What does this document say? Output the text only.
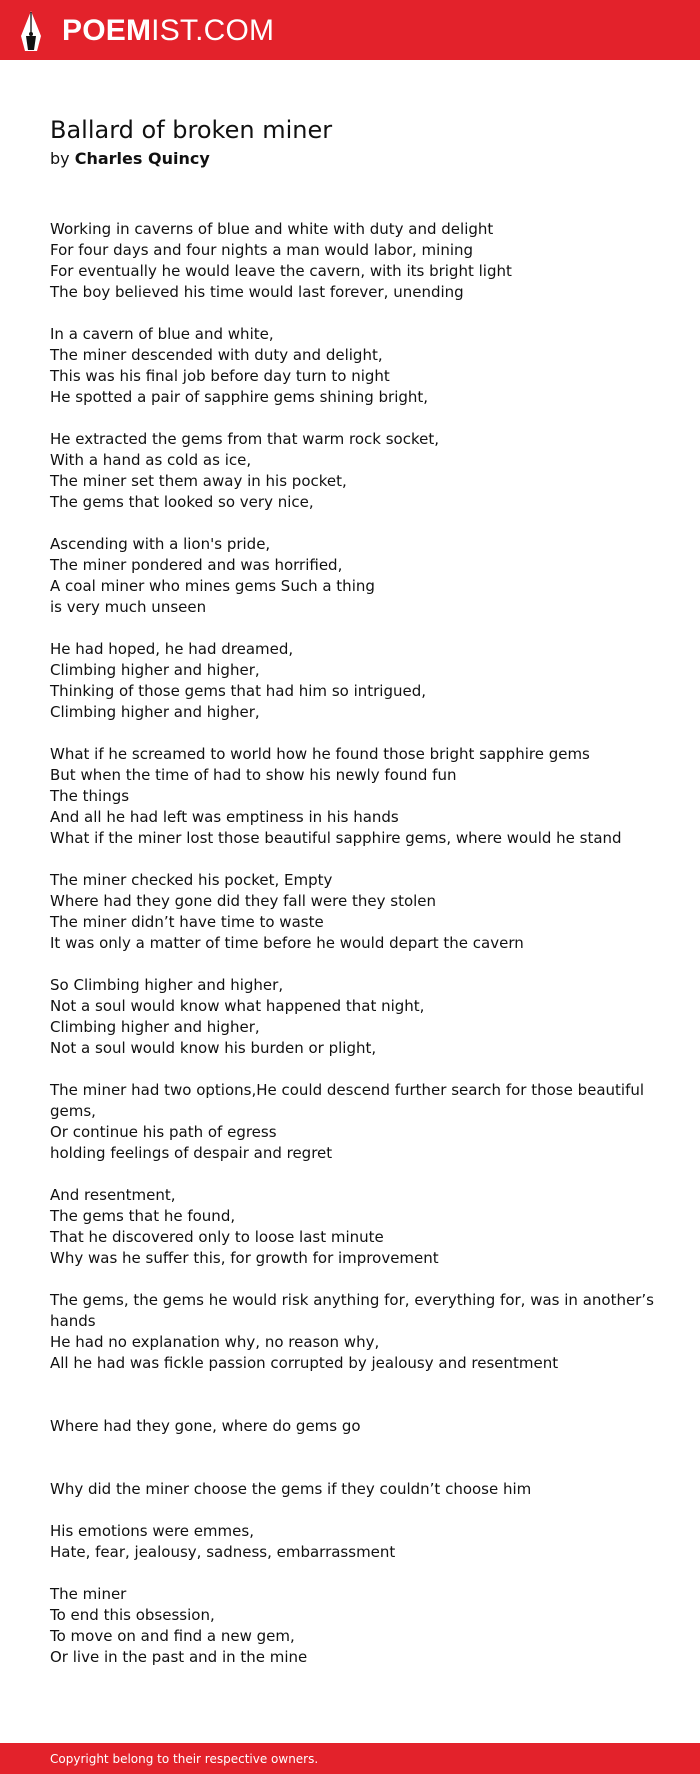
POEMIST.COM
Ballard of broken miner
by Charles Quincy
Working in caverns of blue and white with duty and delight
For four days and four nights a man would labor, mining
For eventually he would leave the cavern, with its bright light
The boy believed his time would last forever, unending
In a cavern of blue and white,
The miner descended with duty and delight,
This was his final job before day turn to night
He spotted a pair of sapphire gems shining bright,
He extracted the gems from that warm rock socket,
With a hand as cold as ice,
The miner set them away in his pocket,
The gems that looked so very nice,
Ascending with a lion's pride,
The miner pondered and was horrified,
A coal miner who mines gems Such a thing
is very much unseen
He had hoped, he had dreamed,
Climbing higher and higher,
Thinking of those gems that had him so intrigued,
Climbing higher and higher,
What if he screamed to world how he found those bright sapphire gems
But when the time of had to show his newly found fun
The things
And all he had left was emptiness in his hands
What if the miner lost those beautiful sapphire gems, where would he stand
The miner checked his pocket, Empty
Where had they gone did they fall were they stolen
The miner didn’t have time to waste
It was only a matter of time before he would depart the cavern
So Climbing higher and higher,
Not a soul would know what happened that night,
Climbing higher and higher,
Not a soul would know his burden or plight,
The miner had two options,He could descend further search for those beautiful gems,
Or continue his path of egress
holding feelings of despair and regret
And resentment,
The gems that he found,
That he discovered only to loose last minute
Why was he suffer this, for growth for improvement
The gems, the gems he would risk anything for, everything for, was in another’s hands
He had no explanation why, no reason why,
All he had was fickle passion corrupted by jealousy and resentment
Where had they gone, where do gems go
Why did the miner choose the gems if they couldn’t choose him
His emotions were emmes,
Hate, fear, jealousy, sadness, embarrassment
The miner
To end this obsession,
To move on and find a new gem,
Or live in the past and in the mine
Copyright belong to their respective owners.
